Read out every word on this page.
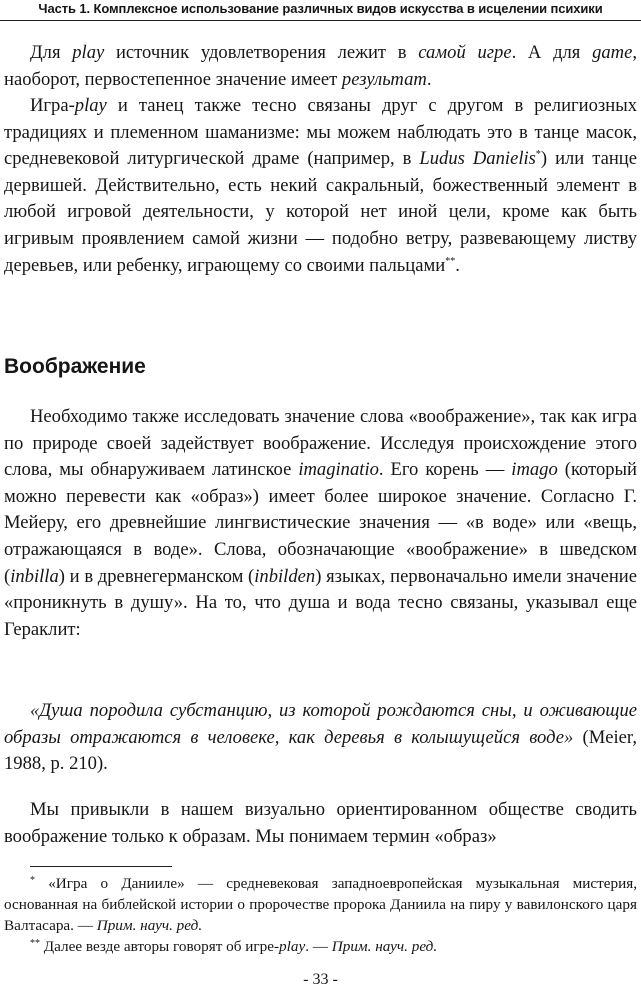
Часть 1. Комплексное использование различных видов искусства в исцелении психики

Для play источник удовлетворения лежит в самой игре. А для game, наоборот, первостепенное значение имеет результат.

Игра-play и танец также тесно связаны друг с другом в религиозных традициях и племенном шаманизме: мы можем наблюдать это в танце масок, средневековой литургической драме (например, в Ludus Danielis*) или танце дервишей. Действительно, есть некий сакральный, божественный элемент в любой игровой деятельности, у которой нет иной цели, кроме как быть игривым проявлением самой жизни — подобно ветру, развевающему листву деревьев, или ребенку, играющему со своими пальцами**.

Воображение

Необходимо также исследовать значение слова «воображение», так как игра по природе своей задействует воображение. Исследуя происхождение этого слова, мы обнаруживаем латинское imaginatio. Его корень — imago (который можно перевести как «образ») имеет более широкое значение. Согласно Г. Мейеру, его древнейшие лингвистические значения — «в воде» или «вещь, отражающаяся в воде». Слова, обозначающие «воображение» в шведском (inbilla) и в древнегерманском (inbilden) языках, первоначально имели значение «проникнуть в душу». На то, что душа и вода тесно связаны, указывал еще Гераклит:

«Душа породила субстанцию, из которой рождаются сны, и оживающие образы отражаются в человеке, как деревья в колышущейся воде» (Meier, 1988, p. 210).

Мы привыкли в нашем визуально ориентированном обществе сводить воображение только к образам. Мы понимаем термин «образ»

* «Игра о Данииле» — средневековая западноевропейская музыкальная мистерия, основанная на библейской истории о пророчестве пророка Даниила на пиру у вавилонского царя Валтасара. — Прим. науч. ред.

** Далее везде авторы говорят об игре-play. — Прим. науч. ред.

- 33 -
